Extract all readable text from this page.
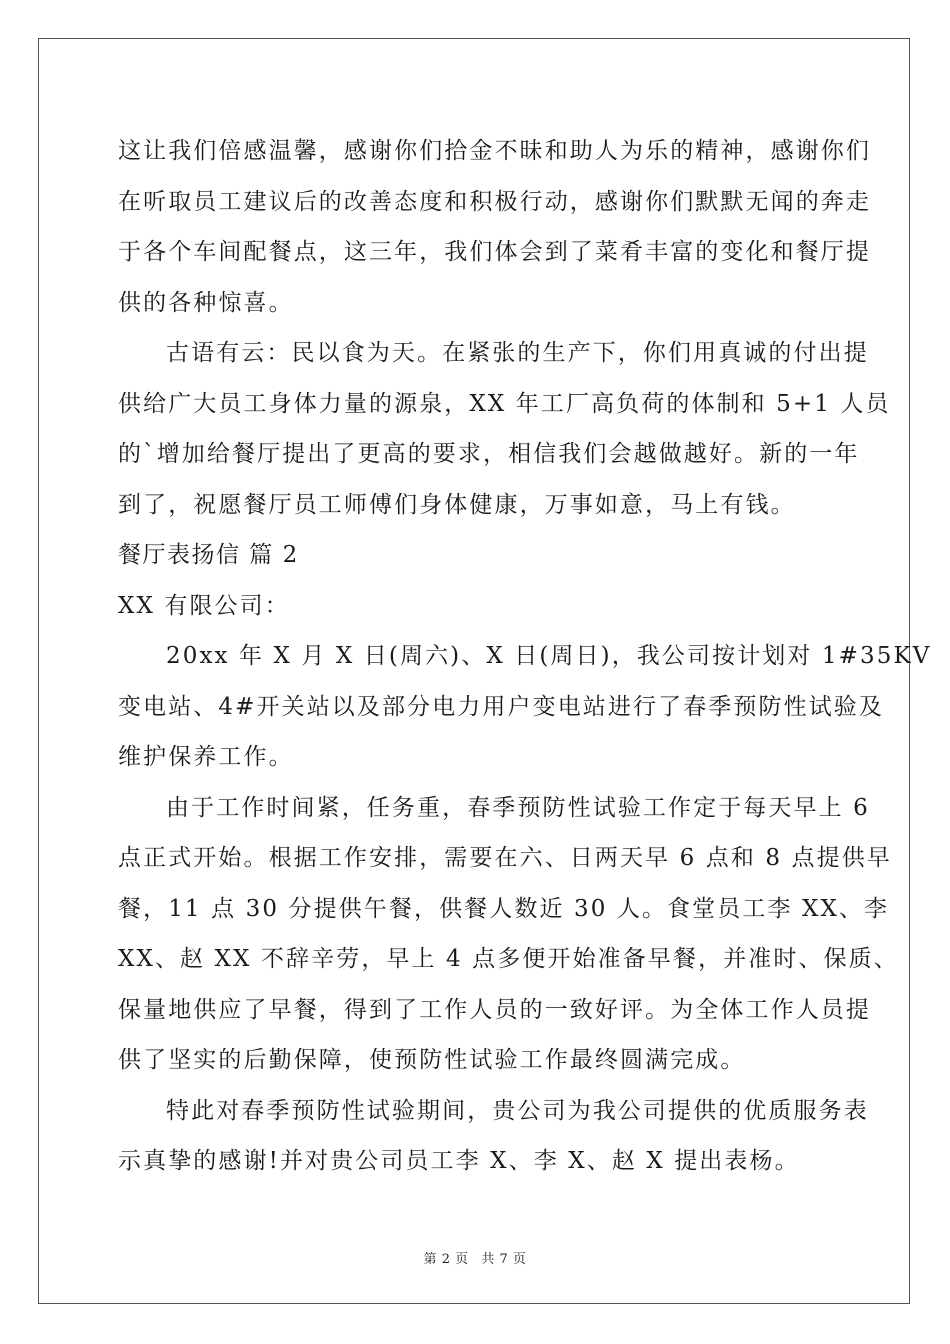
这让我们倍感温馨，感谢你们拾金不昧和助人为乐的精神，感谢你们
在听取员工建议后的改善态度和积极行动，感谢你们默默无闻的奔走
于各个车间配餐点，这三年，我们体会到了菜肴丰富的变化和餐厅提
供的各种惊喜。
古语有云：民以食为天。在紧张的生产下，你们用真诚的付出提
供给广大员工身体力量的源泉，XX 年工厂高负荷的体制和 5+1 人员
的`增加给餐厅提出了更高的要求，相信我们会越做越好。新的一年
到了，祝愿餐厅员工师傅们身体健康，万事如意，马上有钱。
餐厅表扬信 篇 2
XX 有限公司：
20xx 年 X 月 X 日(周六)、X 日(周日)，我公司按计划对 1#35KV
变电站、4#开关站以及部分电力用户变电站进行了春季预防性试验及
维护保养工作。
由于工作时间紧，任务重，春季预防性试验工作定于每天早上 6
点正式开始。根据工作安排，需要在六、日两天早 6 点和 8 点提供早
餐，11 点 30 分提供午餐，供餐人数近 30 人。食堂员工李 XX、李
XX、赵 XX 不辞辛劳，早上 4 点多便开始准备早餐，并准时、保质、
保量地供应了早餐，得到了工作人员的一致好评。为全体工作人员提
供了坚实的后勤保障，使预防性试验工作最终圆满完成。
特此对春季预防性试验期间，贵公司为我公司提供的优质服务表
示真挚的感谢!并对贵公司员工李 X、李 X、赵 X 提出表杨。
第 2 页 共 7 页
